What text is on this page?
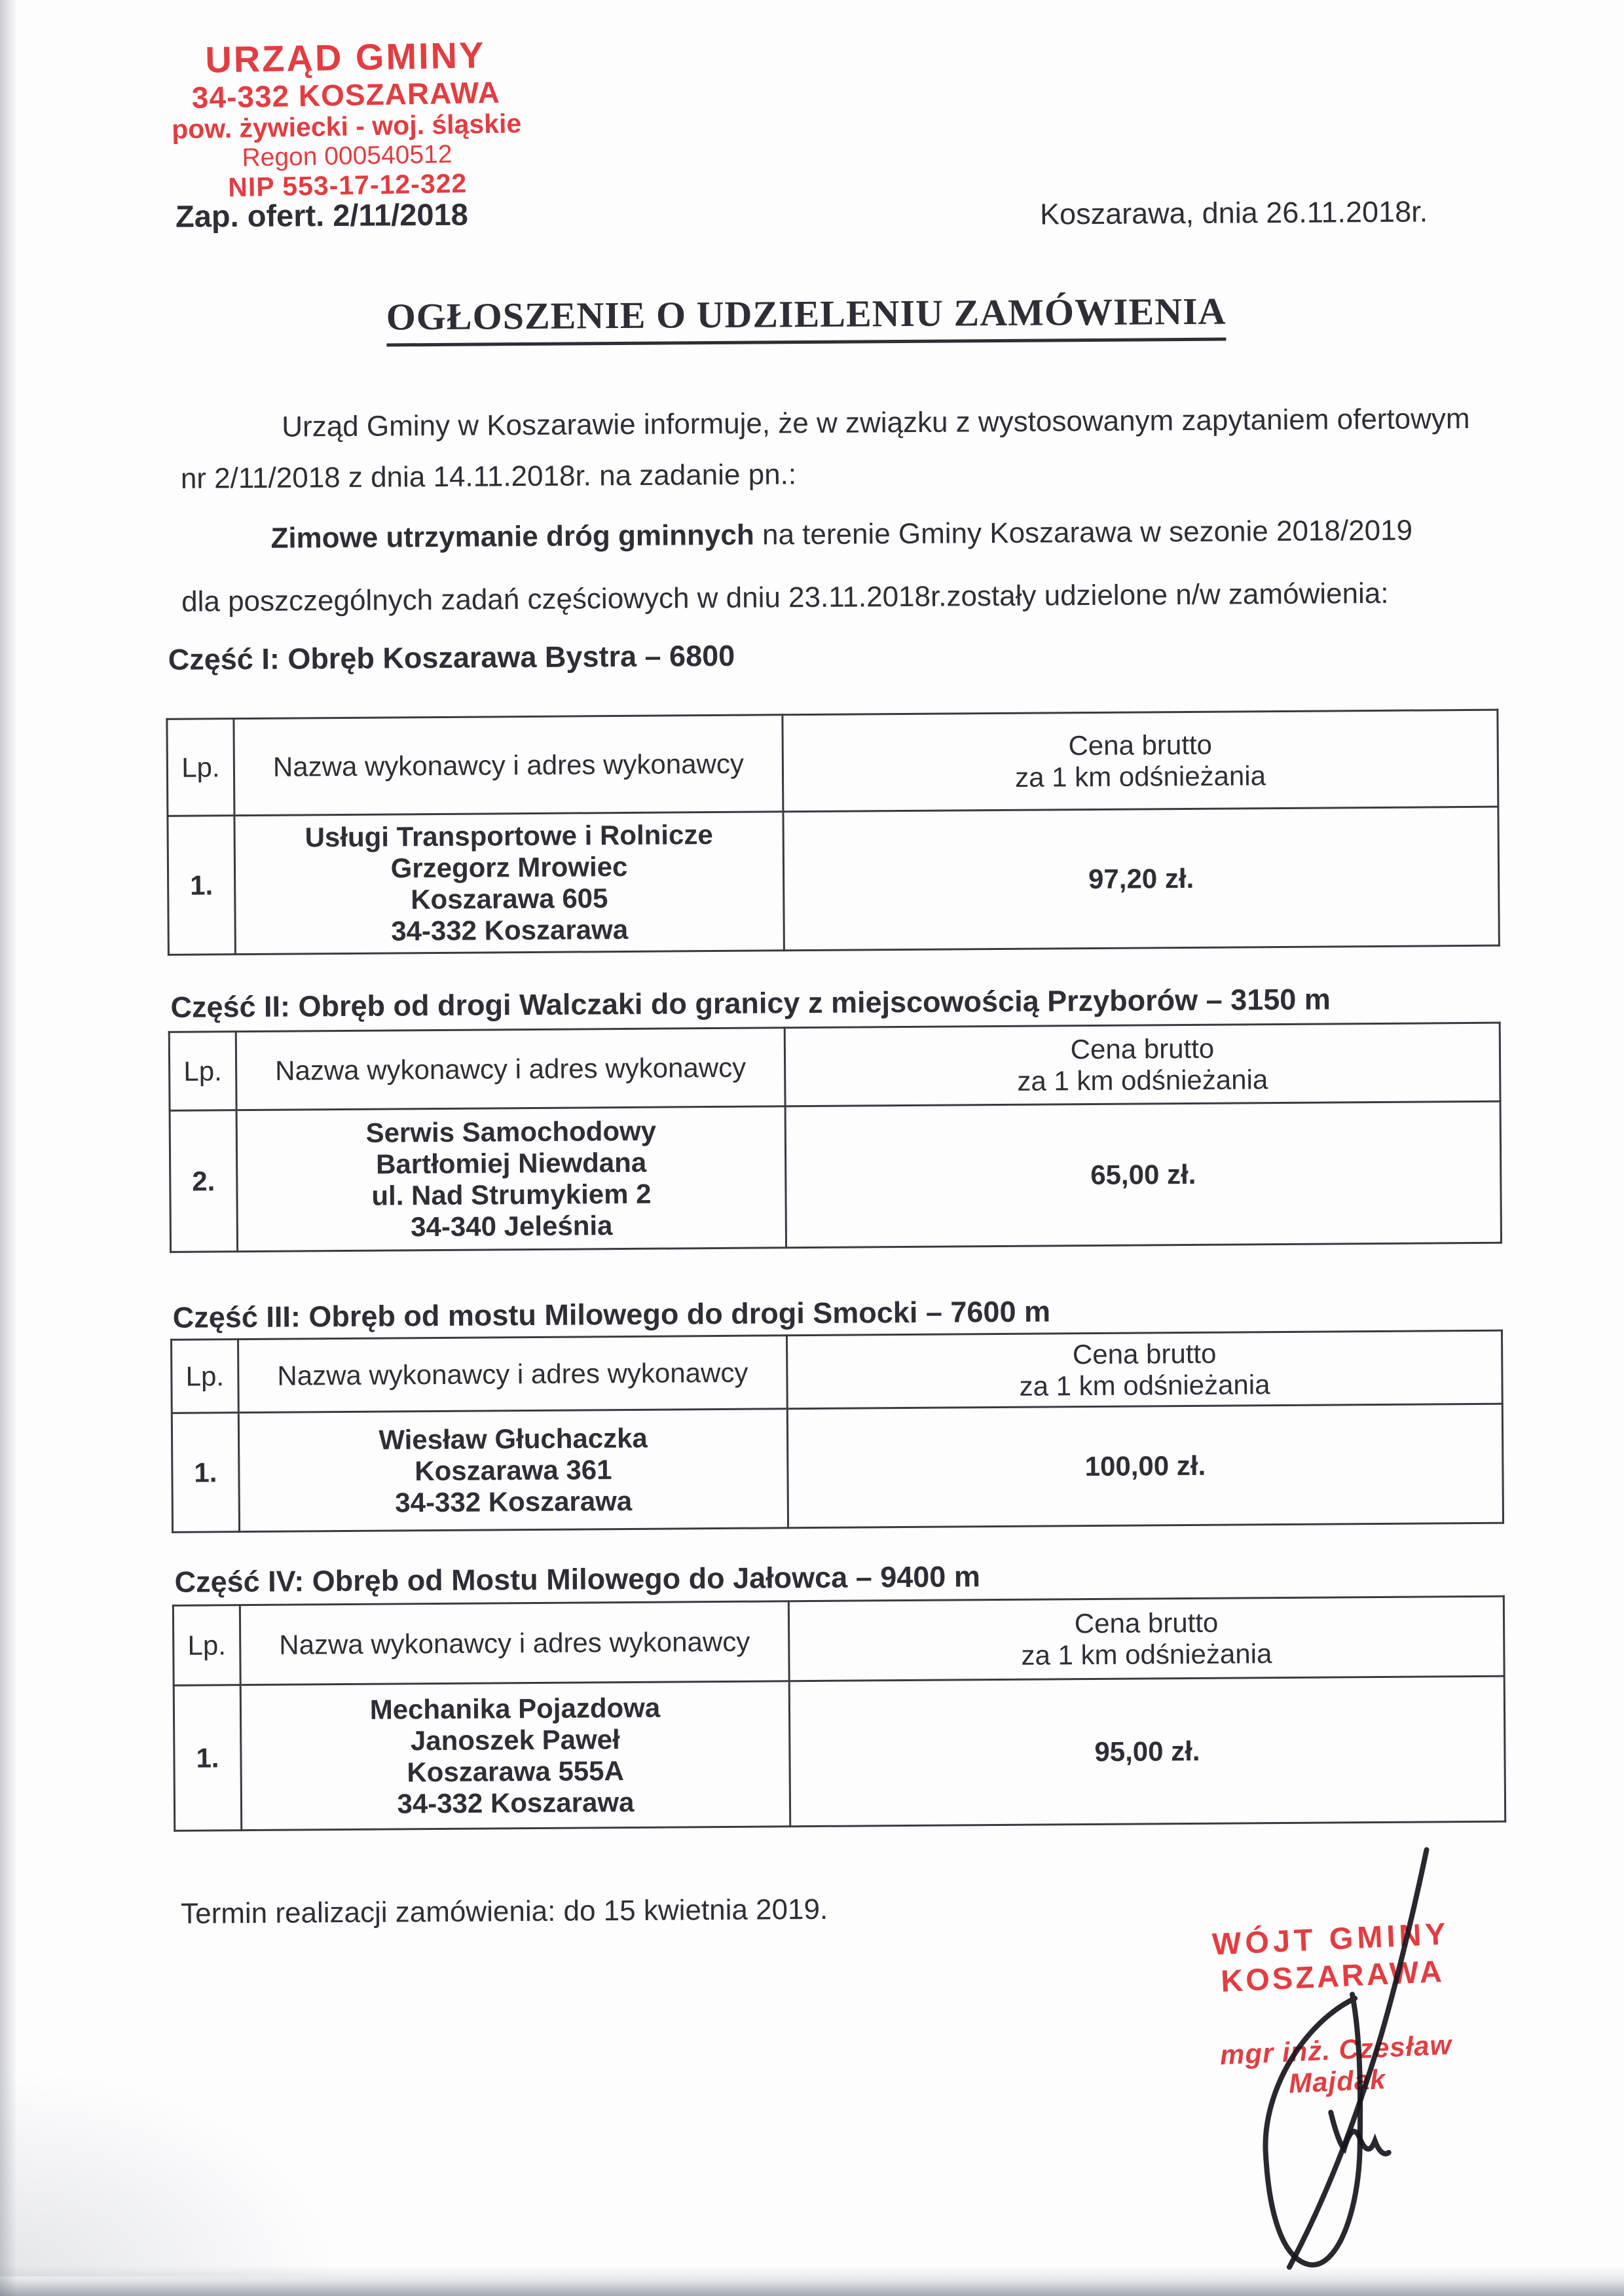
URZĄD GMINY
34-332 KOSZARAWA
pow. żywiecki - woj. śląskie
Regon 000540512
NIP 553-17-12-322
Zap. ofert. 2/11/2018	Koszarawa, dnia 26.11.2018r.
OGŁOSZENIE O UDZIELENIU ZAMÓWIENIA
Urząd Gminy w Koszarawie informuje, że w związku z wystosowanym zapytaniem ofertowym
nr 2/11/2018 z dnia 14.11.2018r. na zadanie pn.:
Zimowe utrzymanie dróg gminnych na terenie Gminy Koszarawa w sezonie 2018/2019
dla poszczególnych zadań częściowych w dniu 23.11.2018r.zostały udzielone n/w zamówienia:
Część I: Obręb Koszarawa Bystra – 6800
Lp.	Nazwa wykonawcy i adres wykonawcy	Cena brutto
za 1 km odśnieżania

1.	Usługi Transportowe i Rolnicze
Grzegorz Mrowiec
Koszarawa 605
34-332 Koszarawa	97,20 zł.
Część II: Obręb od drogi Walczaki do granicy z miejscowością Przyborów – 3150 m
Lp.	Nazwa wykonawcy i adres wykonawcy	Cena brutto
za 1 km odśnieżania

2.	Serwis Samochodowy
Bartłomiej Niewdana
ul. Nad Strumykiem 2
34-340 Jeleśnia	65,00 zł.
Część III: Obręb od mostu Milowego do drogi Smocki – 7600 m
Lp.	Nazwa wykonawcy i adres wykonawcy	Cena brutto
za 1 km odśnieżania

1.	Wiesław Głuchaczka
Koszarawa 361
34-332 Koszarawa	100,00 zł.
Część IV: Obręb od Mostu Milowego do Jałowca – 9400 m
Lp.	Nazwa wykonawcy i adres wykonawcy	Cena brutto
za 1 km odśnieżania

1.	Mechanika Pojazdowa
Janoszek Paweł
Koszarawa 555A
34-332 Koszarawa	95,00 zł.
Termin realizacji zamówienia: do 15 kwietnia 2019.
WÓJT GMINY
KOSZARAWA
mgr inż. Czesław Majdak
